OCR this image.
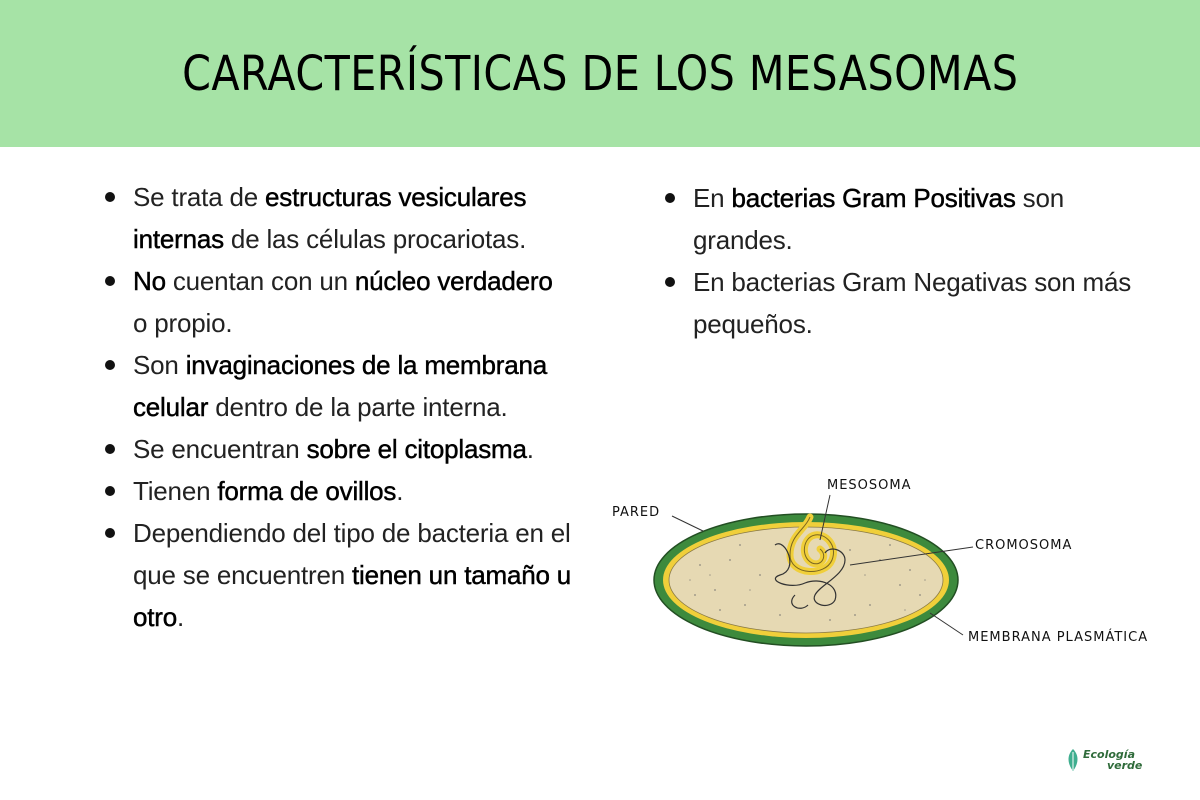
CARACTERÍSTICAS DE LOS MESASOMAS
Se trata de estructuras vesiculares internas de las células procariotas.
No cuentan con un núcleo verdadero o propio.
Son invaginaciones de la membrana celular dentro de la parte interna.
Se encuentran sobre el citoplasma.
Tienen forma de ovillos.
Dependiendo del tipo de bacteria en el que se encuentren tienen un tamaño u otro.
En bacterias Gram Positivas son grandes.
En bacterias Gram Negativas son más pequeños.
PARED
MESOSOMA
CROMOSOMA
MEMBRANA PLASMÁTICA
Ecología
verde
